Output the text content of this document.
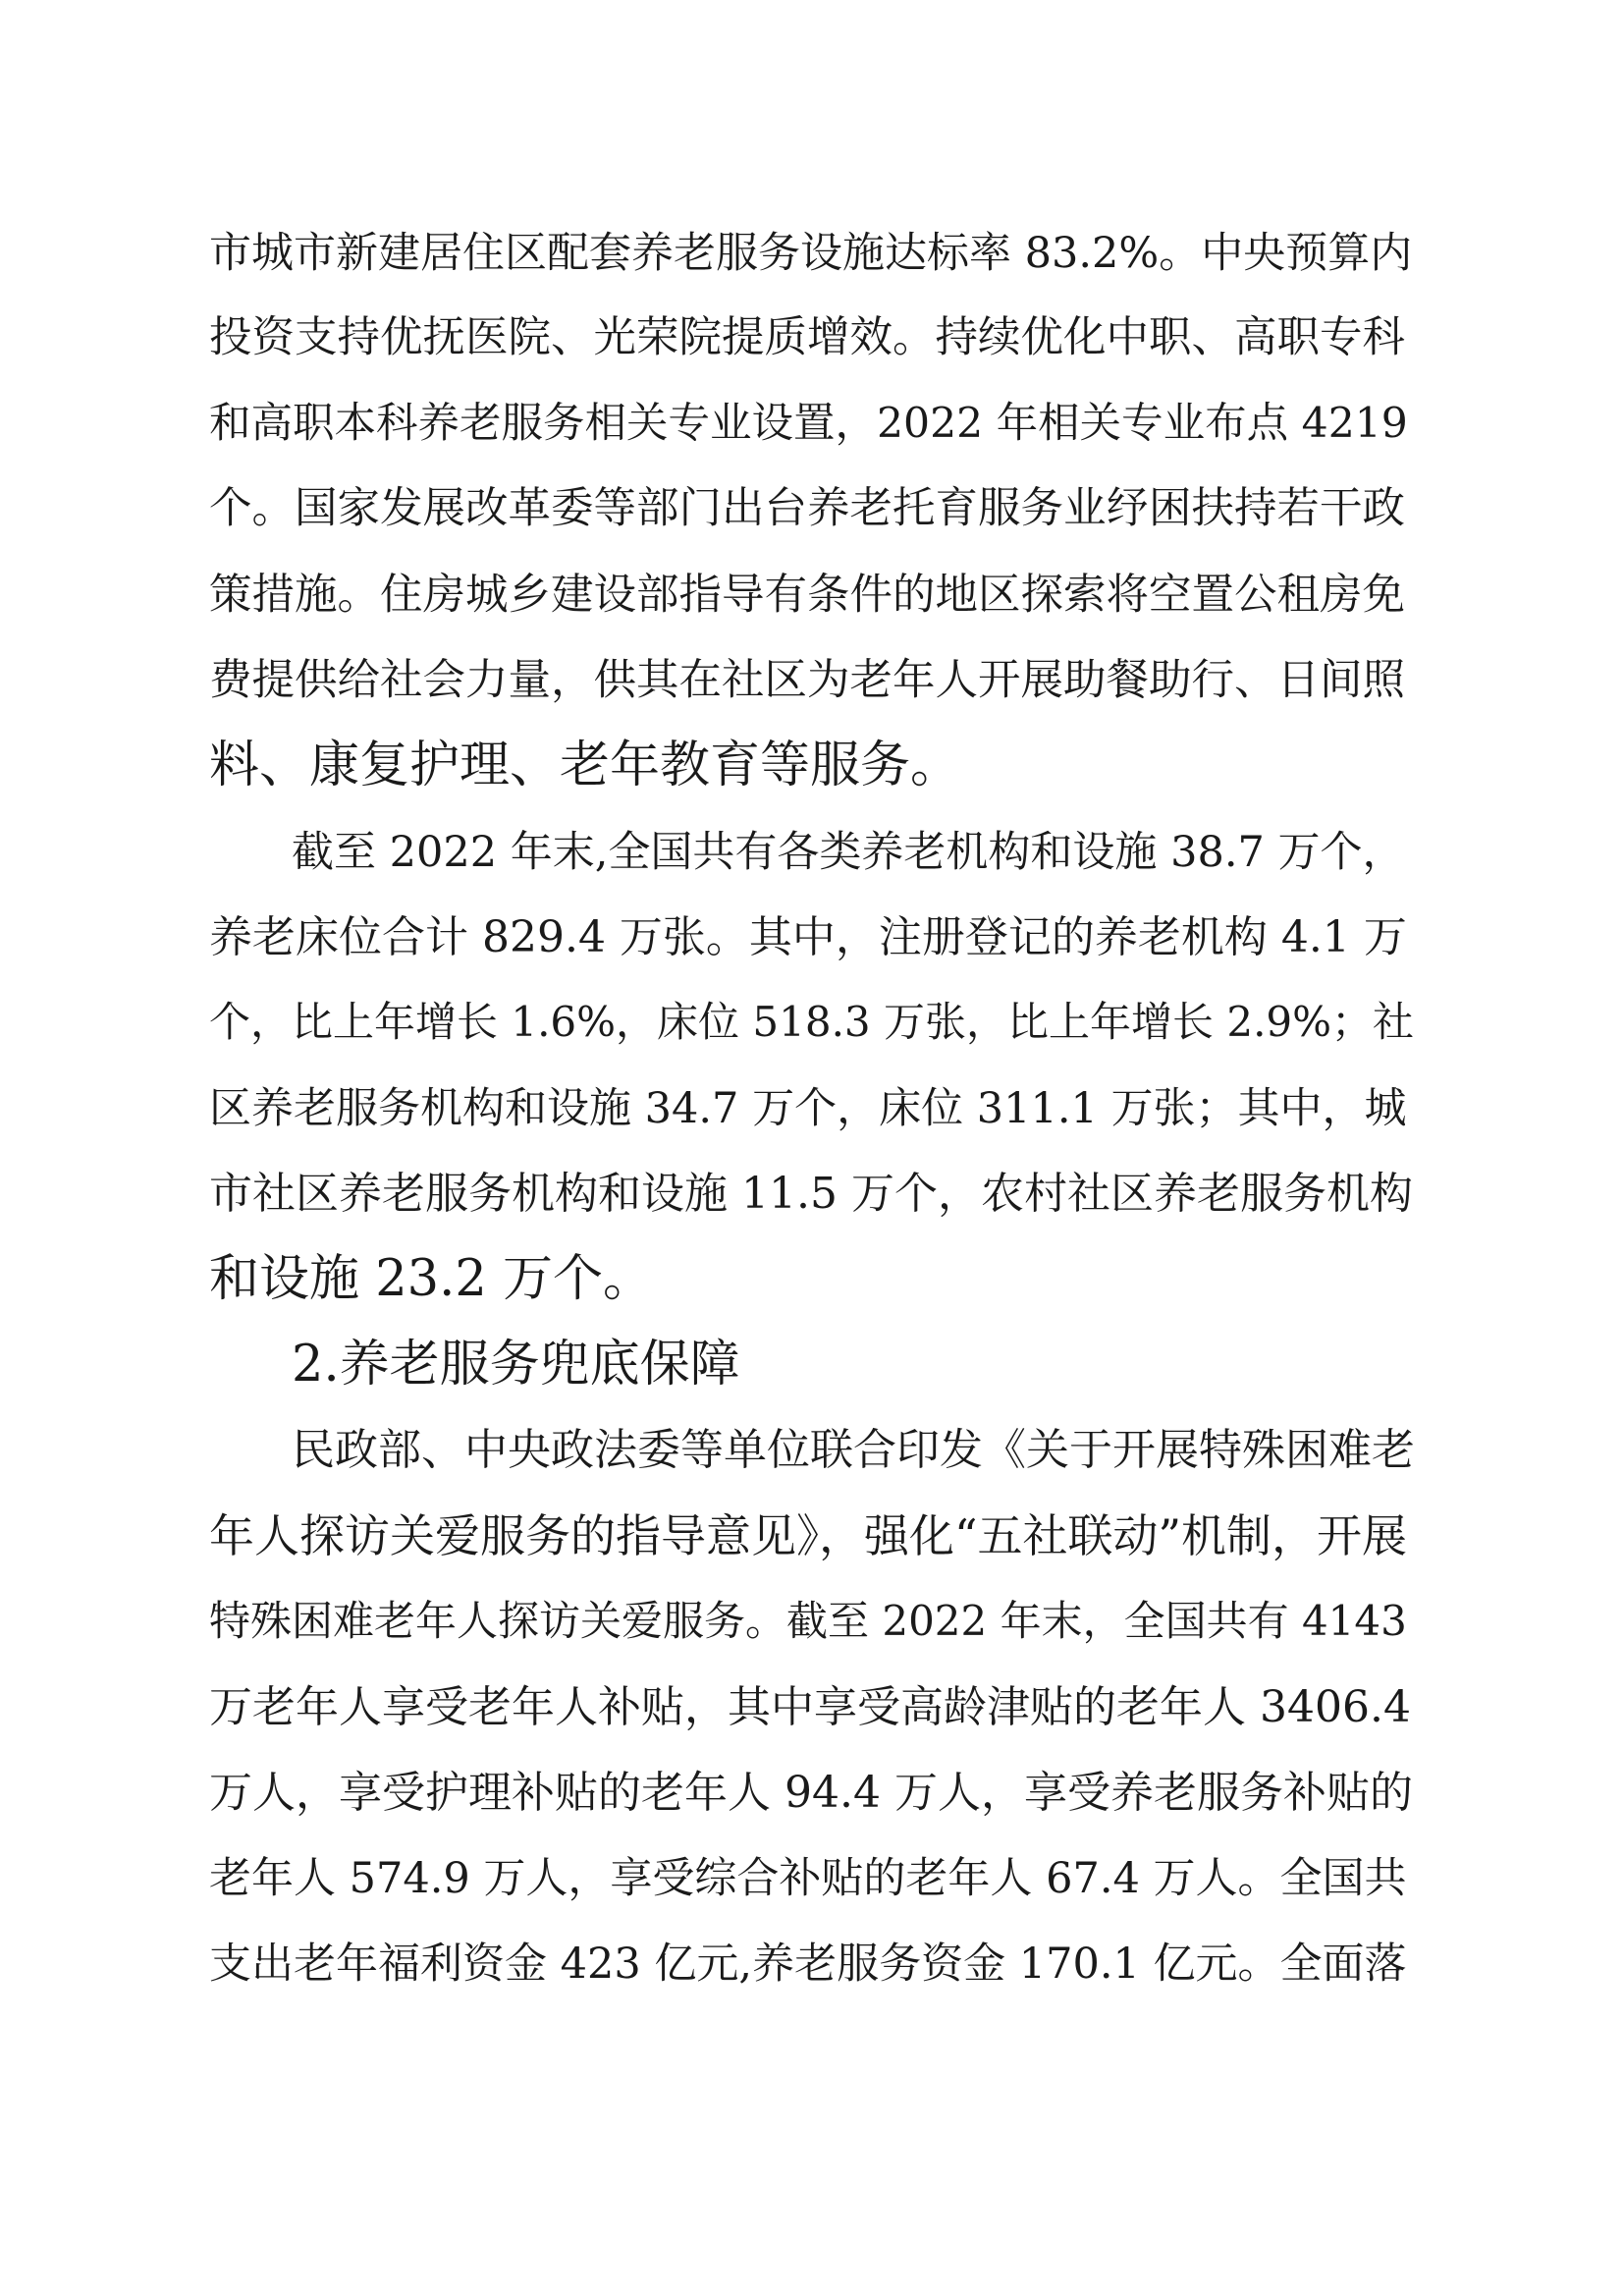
市城市新建居住区配套养老服务设施达标率 83.2%。中央预算内
投资支持优抚医院、光荣院提质增效。持续优化中职、高职专科
和高职本科养老服务相关专业设置，2022 年相关专业布点 4219
个。国家发展改革委等部门出台养老托育服务业纾困扶持若干政
策措施。住房城乡建设部指导有条件的地区探索将空置公租房免
费提供给社会力量，供其在社区为老年人开展助餐助行、日间照
料、康复护理、老年教育等服务。
截至 2022 年末,全国共有各类养老机构和设施 38.7 万个，
养老床位合计 829.4 万张。其中，注册登记的养老机构 4.1 万
个，比上年增长 1.6%，床位 518.3 万张，比上年增长 2.9%；社
区养老服务机构和设施 34.7 万个，床位 311.1 万张；其中，城
市社区养老服务机构和设施 11.5 万个，农村社区养老服务机构
和设施 23.2 万个。
2.养老服务兜底保障
民政部、中央政法委等单位联合印发《关于开展特殊困难老
年人探访关爱服务的指导意见》，强化“五社联动”机制，开展
特殊困难老年人探访关爱服务。截至 2022 年末，全国共有 4143
万老年人享受老年人补贴，其中享受高龄津贴的老年人 3406.4
万人，享受护理补贴的老年人 94.4 万人，享受养老服务补贴的
老年人 574.9 万人，享受综合补贴的老年人 67.4 万人。全国共
支出老年福利资金 423 亿元,养老服务资金 170.1 亿元。全面落
